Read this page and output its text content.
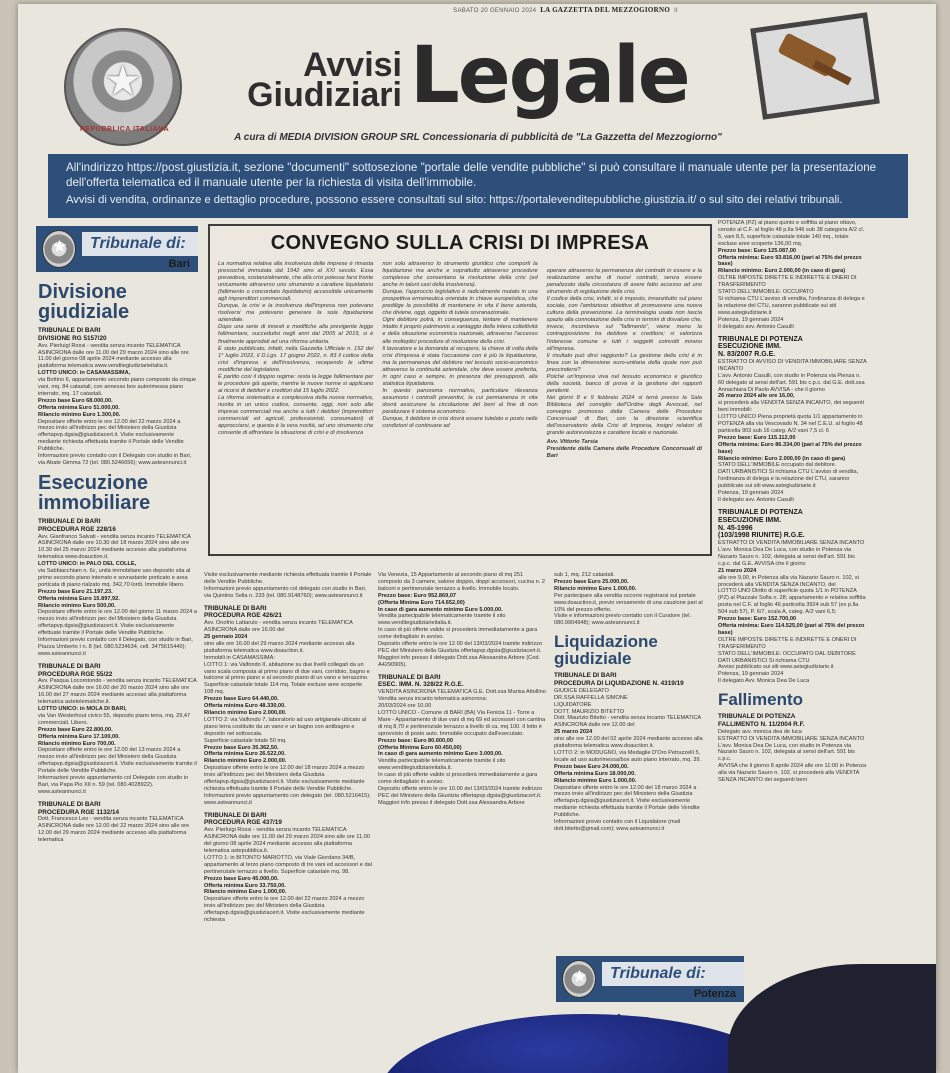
SABATO 20 GENNAIO 2024 LA GAZZETTA DEL MEZZOGIORNO II
★
REPUBBLICA ITALIANA
Avvisi
Giudiziari Legale
A cura di MEDIA DIVISION GROUP SRL Concessionaria di pubblicità de "La Gazzetta del Mezzogiorno"

All'indirizzo https://post.giustizia.it, sezione "documenti" sottosezione "portale delle vendite pubbliche" si può consultare il manuale utente per la presentazione dell'offerta telematica ed il manuale utente per la richiesta di visita dell'immobile.

Avvisi di vendita, ordinanze e dettaglio procedure, possono essere consultati sul sito: https://portalevenditepubbliche.giustizia.it/ o sul sito dei relativi tribunali.

★
Tribunale di:
Bari
Divisione giudiziale
TRIBUNALE DI BARI
DIVISIONE RG 5157/20
Avv. Pierluigi Rossi - vendita senza incanto TELEMATICA ASINCRONA dalle ore 11.00 del 29 marzo 2024 sino alle ore 11.00 del giorno 08 aprile 2024 mediante accesso alla piattaforma telematica www.venditegiudiziarieitalia.it.
LOTTO UNICO: in CASAMASSIMA,
via Bottino 6, appartamento secondo piano composto da cinque vani, mq. 84 catastali, con annesso box autorimessa piano interrato, mq. 17 catastali.
Prezzo base Euro 68.000,00.
Offerta minima Euro 51.000,00.
Rilancio minimo Euro 1.300,00.
Depositare offerte entro le ore 12.00 del 22 marzo 2024 a mezzo invio all'indirizzo pec del Ministero della Giustizia offertapvp.dgsia@giustiziacert.it. Visite esclusivamente mediante richiesta effettuata tramite il Portale delle Vendite Pubbliche.
Informazioni previo contatto con il Delegato con studio in Bari, via Abate Gimma 72 (tel. 080.5246656); www.asteannunci.it
Esecuzione immobiliare
TRIBUNALE DI BARI
PROCEDURA RGE 228/16
Avv. Gianfranco Salvati - vendita senza incanto TELEMATICA ASINCRONA dalle ore 10.30 del 18 marzo 2024 sino alle ore 10.30 del 25 marzo 2024 mediante accesso alla piattaforma telematica www.doauction.it.
LOTTO UNICO: in PALO DEL COLLE,
via Sabbiacchiam n. 6c, unità immobiliare uso deposito sita al primo secondo piano interrato e sovrastante porticato e area porticata di piano rialzato mq. 342,70 lordi. Immobile libero.
Prezzo base Euro 21.197,23.
Offerta minima Euro 15.897,92.
Rilancio minimo Euro 500,00.
Depositare offerte entro le ore 12.00 del giorno 11 marzo 2024 a mezzo invio all'indirizzo pec del Ministero della Giustizia offertapvp.dgsia@giustiziacert.it. Visite esclusivamente effettuate tramite il Portale delle Vendite Pubbliche.
Informazioni previo contatto con il Delegato, con studio in Bari, Piazza Umberto I n. 8 (tel. 080.5234634, cell. 3475615440); www.asteannunci.it
TRIBUNALE DI BARI
PROCEDURA RGE 55/22
Avv. Pasqua Locorotondo - vendita senza incanto TELEMATICA ASINCRONA dalle ore 16.00 del 20 marzo 2024 sino alle ore 16.00 del 27 marzo 2024 mediante accesso alla piattaforma telematica astetelematiche.it.
LOTTO UNICO: in MOLA DI BARI,
via Van Westerhout civico 55, deposito piano terra, mq. 29,47 commerciali. Libero.
Prezzo base Euro 22.800,00.
Offerta minima Euro 17.100,00.
Rilancio minimo Euro 700,00.
Depositare offerte entro le ore 12.00 del 13 marzo 2024 a mezzo invio all'indirizzo pec del Ministero della Giustizia offertapvp.dgsia@giustiziacert.it. Visite esclusivamente tramite il Portale delle Vendite Pubbliche.
Informazioni previo appuntamento col Delegato con studio in Bari, via Papa Pio XII n. 59 (tel. 080.4028922). www.asteannunci.it
TRIBUNALE DI BARI
PROCEDURA RGE 1132/14
Dott. Francesco Leo - vendita senza incanto TELEMATICA ASINCRONA dalle ore 12.00 del 22 marzo 2024 sino alle ore 12.00 del 29 marzo 2024 mediante accesso alla piattaforma telematica
CONVEGNO SULLA CRISI DI IMPRESA
La normativa relativa alla insolvenza delle imprese è rimasta pressoché immutata dal 1942 sino al XXI secolo. Essa prevedeva, sostanzialmente, che alla crisi potesse farsi fronte unicamente attraverso uno strumento a carattere liquidatorio (fallimento o concordato liquidatorio) accessibile unicamente agli imprenditori commerciali.
Dunque, la crisi e la insolvenza dell'impresa non potevano risolversi ma potevano generare la sola liquidazione aziendale.
Dopo una serie di innesti e modifiche alla previgente legge fallimentare, succedutisi negli anni dal 2005 al 2019, si è finalmente approdati ad una riforma unitaria.
È stato pubblicato, infatti, nella Gazzetta Ufficiale n. 152 del 1° luglio 2022, il D.Lgs. 17 giugno 2022, n. 83 il codice della crisi d'impresa e dell'insolvenza, recependo le ultime modifiche del legislatore.
È partito così il doppio regime: resta la legge fallimentare per le procedure già aperte, mentre le nuove norme si applicano ai ricorsi di debitori e creditori dal 15 luglio 2022.
La riforma sistematica e complessiva della nuova normativa, riunita in un unico codice, consente, oggi, non solo alle imprese commerciali ma anche a tutti i debitori (imprenditori commerciali ed agricoli, professionisti, consumatori) di approcciarsi, e questa è la vera novità, ad uno strumento che consente di affrontare la situazione di crisi e di insolvenza
non solo attraverso lo strumento giuridico che comporti la liquidazione ma anche e soprattutto attraverso procedure complesse che consentano la risoluzione della crisi (ed anche in taluni casi della insolvenza).
Dunque, l'approccio legislativo è radicalmente mutato in una prospettiva ermeneutica orientata in chiave europeistica, che predilige la possibilità di mantenere in vita il bene azienda, che diviene, oggi, oggetto di tutela sovranazionale.
Ogni debitore potrà, in conseguenza, tentare di mantenere intatto il proprio patrimonio a vantaggio della intera collettività e della situazione economica nazionale, attraverso l'accesso alle molteplici procedure di risoluzione della crisi.
Il lavoratore e la domanda al recupero, la chiave di volta della crisi d'impresa è stata l'occasione con è più la liquidazione, ma la permanenza del debitore nel tessuto socio-economico attraverso la continuità aziendale, che deve essere preferita, in ogni caso e sempre, in presenza dei presupposti, alla statistica liquidatoria.
In questo panorama normativo, particolare rilevanza assumono i controlli preventivi, la cui permanenza in vita dovrà assicurare la circolazione del beni al fine di non paralizzare il sistema economico.
Dunque, il debitore in crisi dovrà essere tutelato e posto nelle condizioni di continuare ad

operare attraverso la permanenza dei contratti in essere e la realizzazione anche di nuovi contratti, senza essere penalizzato dalla circostanza di avere fatto accesso ad uno strumento di regolazione della crisi.
Il codice della crisi, infatti, si è imposto, innanzitutto sul piano sociale, con l'ambizioso obiettivo di promuovere una nuova cultura della prevenzione. La terminologia usata non lascia spazio alla connotazione della crisi in termini di disvalore che, invece, incombeva sul "fallimento", viene meno la contrapposizione tra debitore e creditore; si valorizza l'interesse comune e tutti i soggetti coinvolti mirano all'impresa.
Il risultato può dirsi raggiunto? La gestione della crisi è in linea con la dimensione euro-unitaria della quale non può prescindersi?
Poiché un'impresa viva nel tessuto economico e giuridico della società, banco di prova è la gestione dei rapporti pendenti.
Nei giorni 8 e 9 febbraio 2024 si terrà presso la Sala Biblioteca del consiglio dell'Ordine degli Avvocati, nel convegno promosso dalla Camera delle Procedure Concorsuali di Bari, con la direzione scientifica dell'osservatorio della Crisi di Impresa, insigni relatori di grande autorevolezza e carattere locale e nazionale.

Avv. Vittorio Tarsia
Presidente della Camera delle Procedure Concorsuali di Bari

POTENZA (PZ) al piano quinto e soffitta al piano ottavo, censito al C.F. al foglio 48 p.lla 946 sub 38 categoria A/2 cl. 5, vani 8,5, superficie catastale totale 140 mq., totale escluse aree scoperte 136,00 mq.
Prezzo base: Euro 125.087,00
Offerta minima: Euro 93.816,00 (pari al 75% del prezzo base)
Rilancio minimo: Euro 2.000,00 (in caso di gara)
OLTRE IMPOSTE DIRETTE E INDIRETTE E ONERI DI TRASFERIMENTO
STATO DELL'IMMOBILE: OCCUPATO
Si richiama CTU L'avviso di vendita, l'ordinanza di delega e la relazione del CTU, saranno pubblicate sui siti www.astegiudiziarie.it
Potenza, 19 gennaio 2024
Il delegato avv. Antonio Casulli
TRIBUNALE DI POTENZA
ESECUZIONE IMM.
N. 83/2007 R.G.E.
ESTRATTO DI AVVISO DI VENDITA IMMOBILIARE SENZA INCANTO
L'avv. Antonio Casulli, con studio in Potenza via Pienza n. 60 delegato al sensi dell'art. 591 bis c.p.c. dal G.E. dott.ssa Annachiara Di Paolo AVVISA - che il giorno
26 marzo 2024 alle ore 16,00,
si procederà alla VENDITA SENZA INCANTO, dei seguenti beni immobili:
LOTTO UNICO Piena proprietà quota 1/1 appartamento in POTENZA alla via Vescovado N. 34 nel C.E.U. al foglio 48 particella 903 sub 16 categ. A/2 vani 7,5 cl. 6
Prezzo base: Euro 115.112,00
Offerta minima: Euro 86.334,00 (pari al 75% del prezzo base)
Rilancio minimo: Euro 2.000,00 (in caso di gara)
STATO DELL'IMMOBILE occupato dal debitore.
DATI URBANISTICI Si richiama CTU L'avviso di vendita, l'ordinanza di delega e la relazione del CTU, saranno pubblicate sui siti www.astegiudiziarie.it
Potenza, 19 gennaio 2024
Il delegato avv. Antonio Casulli
TRIBUNALE DI POTENZA
ESECUZIONE IMM.
N. 45-1996
(103/1998 RIUNITE) R.G.E.
ESTRATTO DI VENDITA IMMOBILIARE SENZA INCANTO
L'avv. Monica Dea De Luca, con studio in Potenza via Nazario Sauro n. 102, delegata ai sensi dell'art. 591 bis c.p.c. dal G.E. AVVISA che il giorno
21 marzo 2024
alle ore 9,00, in Potenza alla via Nazario Sauro n. 102, si procederà alla VENDITA SENZA INCANTO, del
LOTTO UNO Diritto di superficie quota 1/1 in POTENZA (PZ) al Piazzale Sofia n. 28; appartamento e relativa soffitta posta nel C.F. al foglio 46 particella 3924 sub 57 (ex p.lla 504 sub 57), P. 6/7, scala A, categ. A/2 vani 6,5;
Prezzo base: Euro 152.700,00
Offerta minima: Euro 114.525,00 (pari al 75% del prezzo base)
OLTRE IMPOSTE DIRETTE E INDIRETTE E ONERI DI TRASFERIMENTO
STATO DELL'IMMOBILE: OCCUPATO DAL DEBITORE
DATI URBANISTICI Si richiama CTU
Avviso pubblicato sui siti www.astegiudiziarie.it
Potenza, 19 gennaio 2024
Il delegato Avv. Monica Dea De Luca
Fallimento
TRIBUNALE DI POTENZA
FALLIMENTO N. 11/2004 R.F.
Delegato avv. monica dea de luca
ESTRATTO DI VENDITA IMMOBILIARE SENZA INCANTO
L'avv. Monica Dea De Luca, con studio in Potenza via Nazario Sauro n. 102, delegata ai sensi dell'art. 591 bis c.p.c.
AVVISA che il giorno 8 aprile 2024 alle ore 11:00 in Potenza alla via Nazario Sauro n. 102, si procederà alla VENDITA SENZA INCANTO dei seguenti beni
Visite esclusivamente mediante richiesta effettuata tramite il Portale delle Vendite Pubbliche.
Informazioni previo appuntamento col delegato con studio in Bari, via Quintino Sella n. 233 (tel. 080.9148760); www.asteannunci.it
TRIBUNALE DI BARI
PROCEDURA RGE 426/21
Avv. Onofrio Lattarulo - vendita senza incanto TELEMATICA ASINCRONA dalle ore 16.00 del
25 gennaio 2024
sino alle ore 16.00 del 29 marzo 2024 mediante accesso alla piattaforma telematica www.doauction.it.
Immobili in CASAMASSIMA:
LOTTO 1: via Valfondo II, abitazione su due livelli collegati da un vano scala composta al primo piano di due vani, corridoio, bagno e balcone al primo piano e al secondo piano di un vano e terrazzino. Superficie catastale totale 114 mq. Totale escluse aree scoperte 108 mq.
Prezzo base Euro 64.440,00.
Offerta minima Euro 48.330,00.
Rilancio minimo Euro 2.000,00.
LOTTO 2: via Valfondo 7, laboratorio ad uso artigianale ubicato al piano terra costituito da un vano e un bagno con antibagno e deposito nel sottoscala.
Superficie catastale totale 50 mq.
Prezzo base Euro 35.362,50.
Offerta minima Euro 26.522,00.
Rilancio minimo Euro 2.000,00.
Depositare offerte entro le ore 12.00 del 18 marzo 2024 a mezzo invio all'indirizzo pec del Ministero della Giustizia offertapvp.dgsia@giustiziacert.it. Visite esclusivamente mediante richiesta effettuata tramite il Portale delle Vendite Pubbliche.
Informazioni previo appuntamento con delegato (tel. 080.5216415); www.asteannunci.it
TRIBUNALE DI BARI
PROCEDURA RGE 437/19
Avv. Pierluigi Rossi - vendita senza incanto TELEMATICA ASINCRONA dalle ore 11.00 del 29 marzo 2024 sino alle ore 11.00 del giorno 08 aprile 2024 mediante accesso alla piattaforma telematica astepubblica.it.
LOTTO 1: in BITONTO MARIOTTO, via Viale Giordano 34/B, appartamento al terzo piano composto di tre vani ed accessori e dal pertinenziale terrazzo a livello. Superficie catastale mq. 98.
Prezzo base Euro 45.000,00.
Offerta minima Euro 33.750,00.
Rilancio minimo Euro 1.000,00.
Depositare offerte entro le ore 12.00 del 22 marzo 2024 a mezzo invio all'indirizzo pec del Ministero della Giustizia offertapvp.dgsia@giustiziacert.it. Visite esclusivamente mediante richiesta
Via Venezia, 15 Appartamento al secondo piano di mq 251 composto da 3 camere, salone doppio, doppi accessori, cucina n. 2 balconi e pertinenziale terrazzo a livello. Immobile locato.
Prezzo base: Euro 952.869,07
(Offerta Minima Euro 714.652,00)
In caso di gara aumento minimo Euro 5.000,00.
Vendita partecipabile telematicamente tramite il sito www.venditegiudiziarieitalia.it.
In caso di più offerte valide si procederà immediatamente a gara come dettagliato in avviso.
Deposito offerte entro le ore 12.00 del 13/03/2024 tramite indirizzo PEC del Ministero della Giustizia offertapvp.dgsia@giustiziacert.it.
Maggiori info presso il delegato Dott.ssa Alessandra Arbore (Cod. A4290905).
TRIBUNALE DI BARI
ESEC. IMM. N. 328/22 R.G.E.
VENDITA ASINCRONA TELEMATICA G.E. Dott.ssa Marisa Attollino
Vendita senza incanto telematica asincrona:
20/03/2024 ore 10.00
LOTTO UNICO - Comune di BARI (BA) Via Fenicia 11 - Torre a Mare - Appartamento di due vani di mq 69 ed accessori con cantina di mq 8,70 e pertinenziale terrazzo a livello di ca. mq 100. Il lotto è sprovvisto di posto auto. Immobile occupato dall'esecutato.
Prezzo base: Euro 80.600,00
(Offerta Minima Euro 60.450,00)
In caso di gara aumento minimo Euro 3.000,00.
Vendita partecipabile telematicamente tramite il sito www.venditegiudiziarieitalia.it.
In caso di più offerte valide si procederà immediatamente a gara come dettagliato in avviso.
Deposito offerte entro le ore 10.00 del 13/03/2024 tramite indirizzo PEC del Ministero della Giustizia offertapvp.dgsia@giustiziacert.it.
Maggiori info presso il delegato Dott.ssa Alessandra Arbore
sub 1, mq. 212 catastali.
Prezzo base Euro 25.000,00.
Rilancio minimo Euro 1.000,00.
Per partecipare alla vendita occorre registrarsi sul portale www.doauction.it, previo versamento di una cauzione pari al 10% del prezzo offerto.
Visite e informazioni previo contatto con il Curatore (tel. 080.9904948); www.asteannunci.it
Liquidazione giudiziale
TRIBUNALE DI BARI
PROCEDURA DI LIQUIDAZIONE N. 4319/19
GIUDICE DELEGATO
DR.SSA RAFFELLA SIMONE
LIQUIDATORE
DOTT. MAURIZIO BITETTO
Dott. Maurizio Bitetto - vendita senza incanto TELEMATICA ASINCRONA dalle ore 12.00 del
25 marzo 2024
sino alle ore 12.00 del 02 aprile 2024 mediante accesso alla piattaforma telematica www.doauction.it.
LOTTO 2: in MODUGNO, via Medaglie D'Oro Petruzzelli 5, locale ad uso autorimessa/box auto piano interrato, mq. 39.
Prezzo base Euro 24.000,00.
Offerta minima Euro 18.000,00.
Rilancio minimo Euro 1.000,00.
Depositare offerte entro le ore 12.00 del 18 marzo 2024 a mezzo invio all'indirizzo pec del Ministero della Giustizia offertapvp.dgsia@giustiziacert.it. Visite esclusivamente mediante richiesta effettuata tramite il Portale delle Vendite Pubbliche.
Informazioni previo contatto con il Liquidatore (mail dott.bitetto@gmail.com); www.asteannunci.it
★
Tribunale di:
Potenza
